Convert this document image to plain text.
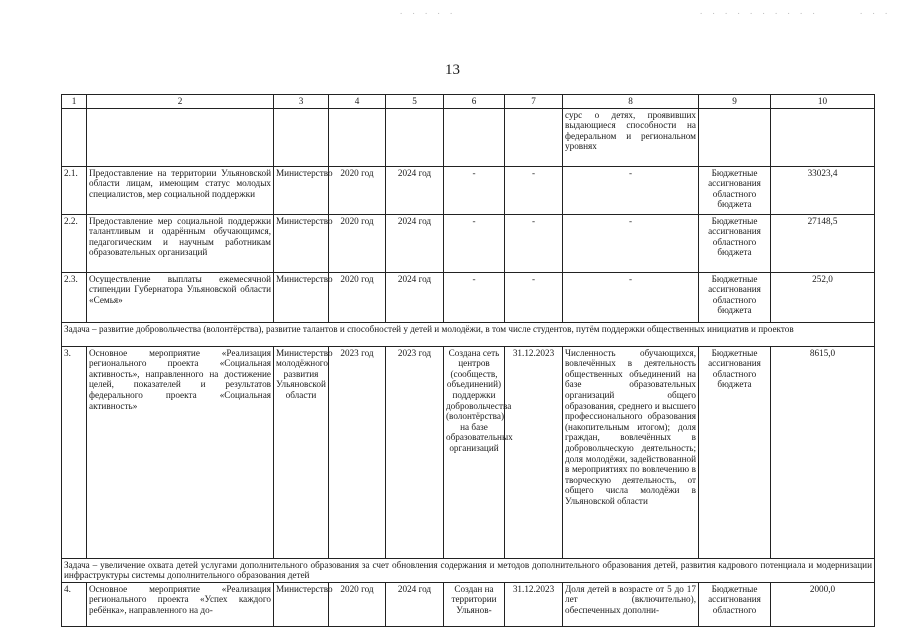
. . . . .	. . . . . . . . . .	. . .
13
1	2	3	4	5	6	7	8	9	10
							сурс о детях, проявивших выдающиеся способности на федеральном и региональном уровнях		
2.1.	Предоставление на территории Ульяновской области лицам, имеющим статус молодых специалистов, мер социальной поддержки	Министерство	2020 год	2024 год	-	-	-	Бюджетные ассигнования областного бюджета	33023,4
2.2.	Предоставление мер социальной поддержки талантливым и одарённым обучающимся, педагогическим и научным работникам образовательных организаций	Министерство	2020 год	2024 год	-	-	-	Бюджетные ассигнования областного бюджета	27148,5
2.3.	Осуществление выплаты ежемесячной стипендии Губернатора Ульяновской области «Семья»	Министерство	2020 год	2024 год	-	-	-	Бюджетные ассигнования областного бюджета	252,0
Задача – развитие добровольчества (волонтёрства), развитие талантов и способностей у детей и молодёжи, в том числе студентов, путём поддержки общественных инициатив и проектов									
3.	Основное мероприятие «Реализация регионального проекта «Социальная активность», направленного на достижение целей, показателей и результатов федерального проекта «Социальная активность»	Министерство молодёжного развития Ульяновской области	2023 год	2023 год	Создана сеть центров (сообществ, объединений) поддержки добровольчества (волонтёрства) на базе образовательных организаций	31.12.2023	Численность обучающихся, вовлечённых в деятельность общественных объединений на базе образовательных организаций общего образования, среднего и высшего профессионального образования (накопительным итогом); доля граждан, вовлечённых в добровольческую деятельность; доля молодёжи, задействованной в мероприятиях по вовлечению в творческую деятельность, от общего числа молодёжи в Ульяновской области	Бюджетные ассигнования областного бюджета	8615,0
Задача – увеличение охвата детей услугами дополнительного образования за счет обновления содержания и методов дополнительного образования детей, развития кадрового потенциала и модернизации инфраструктуры системы дополнительного образования детей									
4.	Основное мероприятие «Реализация регионального проекта «Успех каждого ребёнка», направленного на до-	Министерство	2020 год	2024 год	Создан на территории Ульянов-	31.12.2023	Доля детей в возрасте от 5 до 17 лет (включительно), обеспеченных дополни-	Бюджетные ассигнования областного	2000,0
